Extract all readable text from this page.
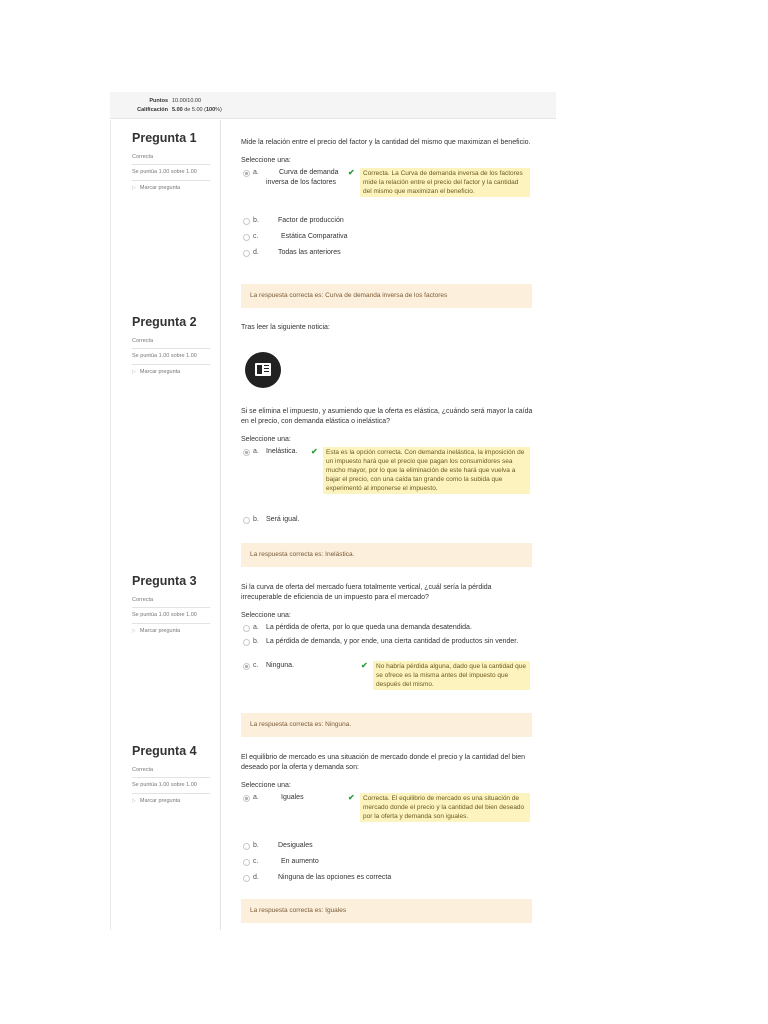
Puntos 10.00/10.00
Calificación 5.00 de 5.00 (100%)
Pregunta 1
Correcta
Se puntúa 1.00 sobre 1.00
▷ Marcar pregunta

Mide la relación entre el precio del factor y la cantidad del mismo que maximizan el beneficio.

Seleccione una:
a.	Curva de demanda inversa de los factores
✔	Correcta. La Curva de demanda inversa de los factores mide la relación entre el precio del factor y la cantidad del mismo que maximizan el beneficio.
b.	Factor de producción
c.	Estática Comparativa
d.	Todas las anteriores
La respuesta correcta es: Curva de demanda inversa de los factores
Pregunta 2
Correcta
Se puntúa 1.00 sobre 1.00
▷ Marcar pregunta

Tras leer la siguiente noticia:

Si se elimina el impuesto, y asumiendo que la oferta es elástica, ¿cuándo será mayor la caída en el precio, con demanda elástica o inelástica?

Seleccione una:
a. Inelástica. ✔	Esta es la opción correcta. Con demanda inelástica, la imposición de un impuesto hará que el precio que pagan los consumidores sea mucho mayor, por lo que la eliminación de este hará que vuelva a bajar el precio, con una caída tan grande como la subida que experimentó al imponerse el impuesto.
b. Será igual.
La respuesta correcta es: Inelástica.
Pregunta 3
Correcta
Se puntúa 1.00 sobre 1.00
▷ Marcar pregunta

Si la curva de oferta del mercado fuera totalmente vertical, ¿cuál sería la pérdida irrecuperable de eficiencia de un impuesto para el mercado?

Seleccione una:
a. La pérdida de oferta, por lo que queda una demanda desatendida.
b. La pérdida de demanda, y por ende, una cierta cantidad de productos sin vender.
c. Ninguna.	✔	No habría pérdida alguna, dado que la cantidad que se ofrece es la misma antes del impuesto que después del mismo.
La respuesta correcta es: Ninguna.
Pregunta 4
Correcta
Se puntúa 1.00 sobre 1.00
▷ Marcar pregunta

El equilibrio de mercado es una situación de mercado donde el precio y la cantidad del bien deseado por la oferta y demanda son:

Seleccione una:
a.	Iguales	✔	Correcta. El equilibrio de mercado es una situación de mercado donde el precio y la cantidad del bien deseado por la oferta y demanda son iguales.
b.	Desiguales
c.	En aumento
d.	Ninguna de las opciones es correcta
La respuesta correcta es: Iguales
